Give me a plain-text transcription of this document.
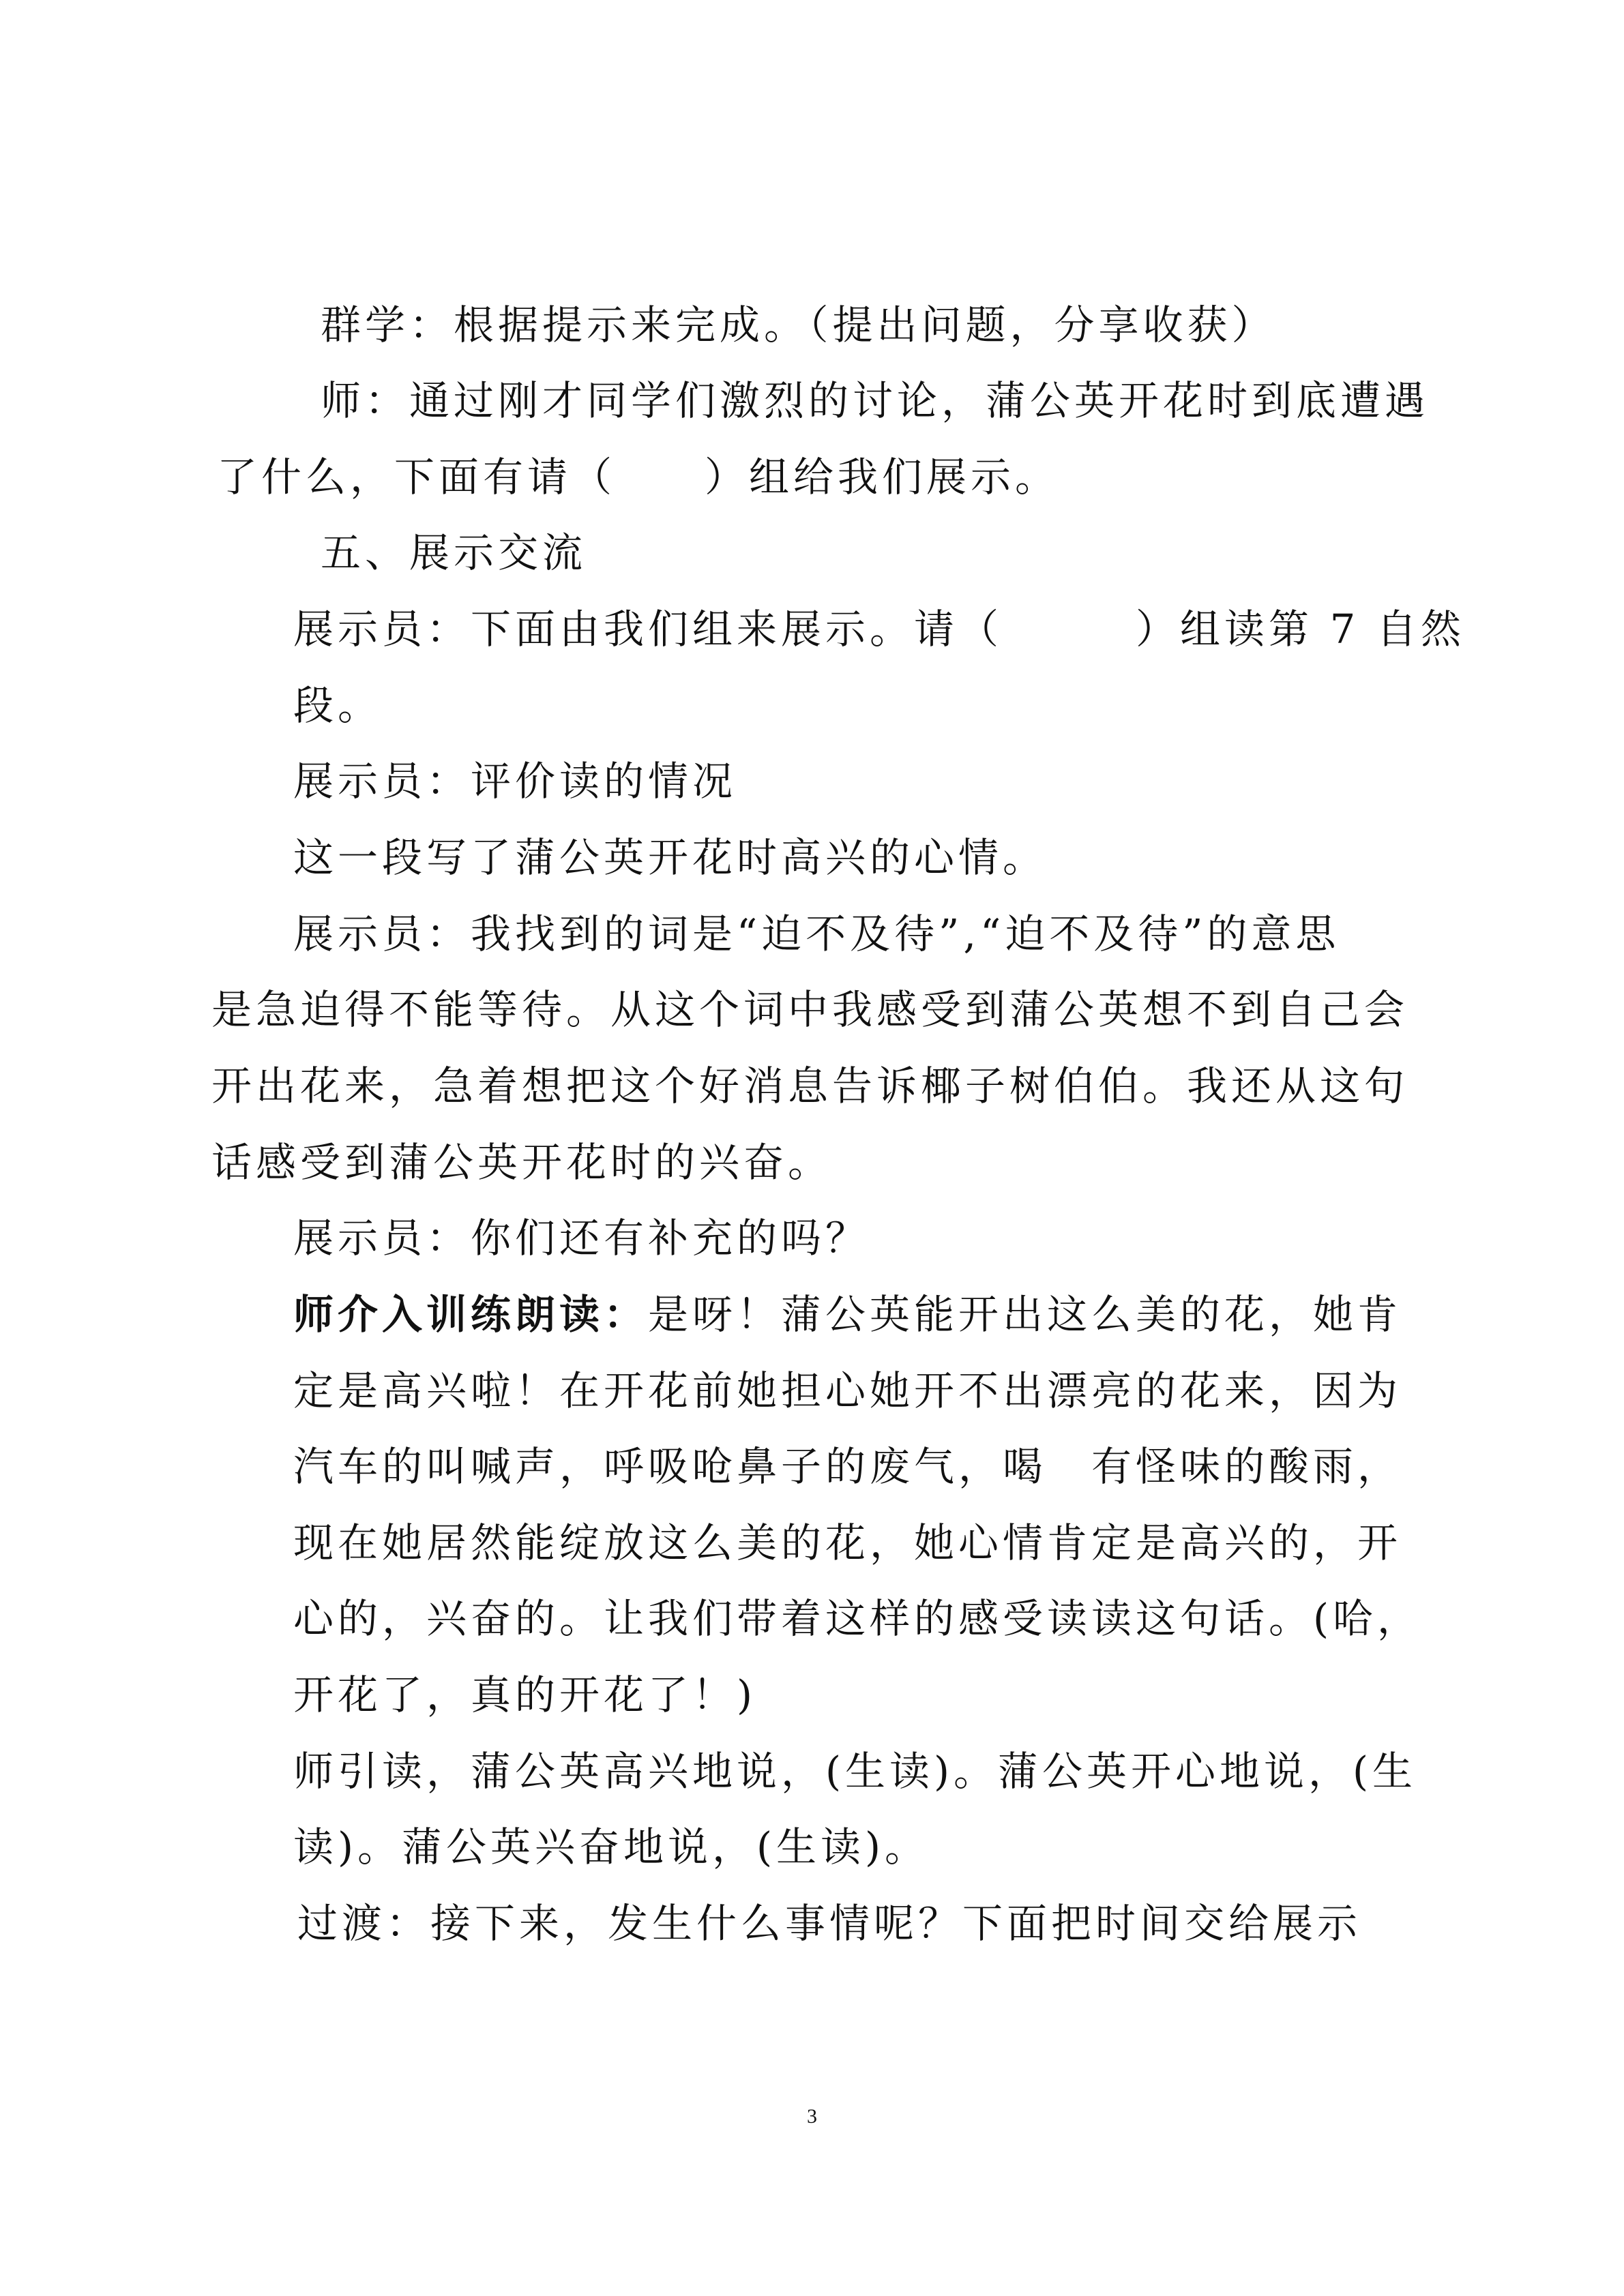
群学：根据提示来完成。（提出问题，分享收获）
师：通过刚才同学们激烈的讨论，蒲公英开花时到底遭遇
了什么，下面有请（　　）组给我们展示。
五、展示交流
展示员：下面由我们组来展示。请（　　　）组读第 7 自然
段。
展示员：评价读的情况
这一段写了蒲公英开花时高兴的心情。
展示员：我找到的词是“迫不及待”,“迫不及待”的意思
是急迫得不能等待。从这个词中我感受到蒲公英想不到自己会
开出花来，急着想把这个好消息告诉椰子树伯伯。我还从这句
话感受到蒲公英开花时的兴奋。
展示员：你们还有补充的吗？
师介入训练朗读：是呀！蒲公英能开出这么美的花，她肯
定是高兴啦！在开花前她担心她开不出漂亮的花来，因为
汽车的叫喊声，呼吸呛鼻子的废气，喝　有怪味的酸雨，
现在她居然能绽放这么美的花，她心情肯定是高兴的，开
心的，兴奋的。让我们带着这样的感受读读这句话。(哈，
开花了，真的开花了！)
师引读，蒲公英高兴地说，(生读)。蒲公英开心地说，(生
读)。蒲公英兴奋地说，(生读)。
过渡：接下来，发生什么事情呢？下面把时间交给展示
3
